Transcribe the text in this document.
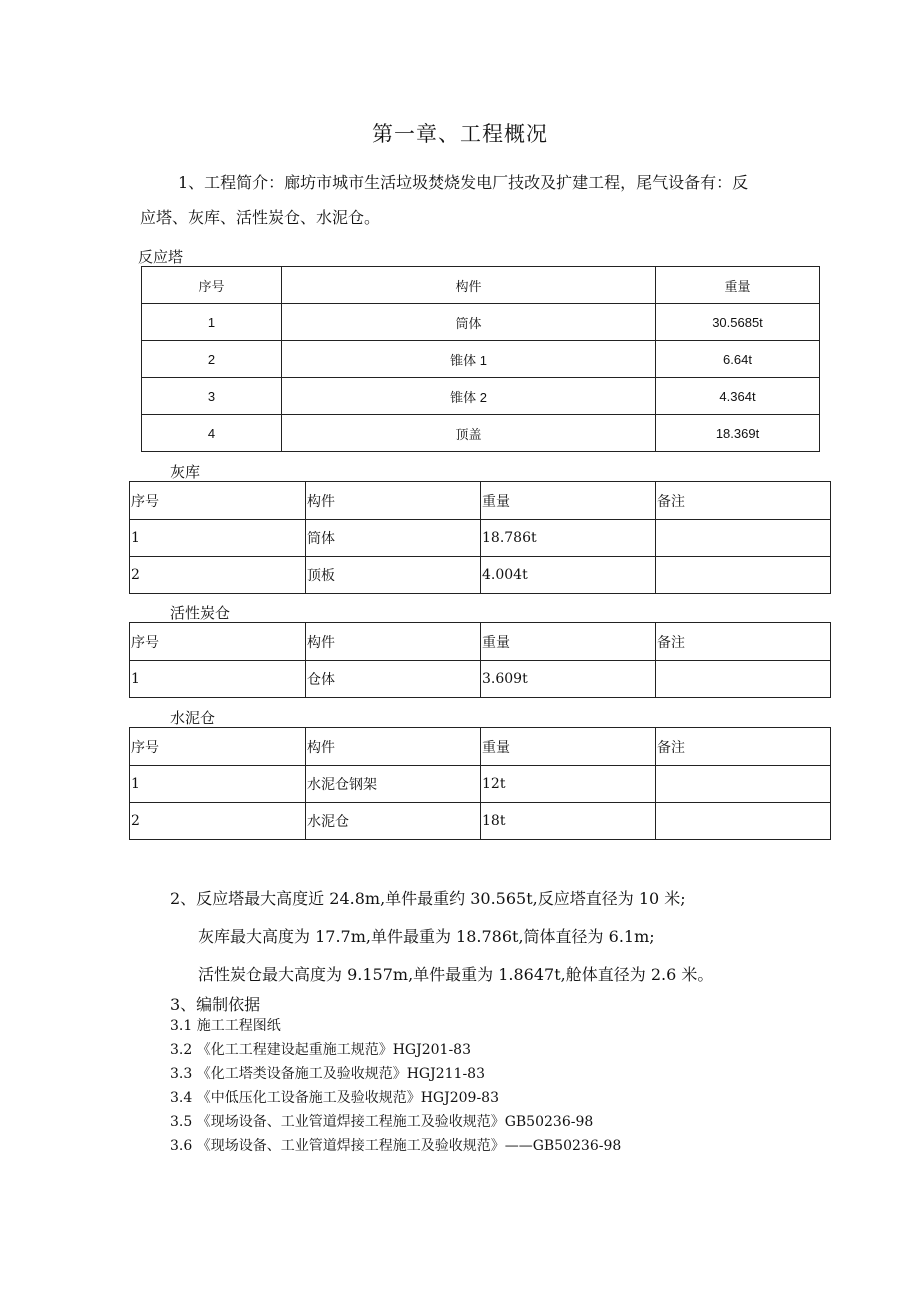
第一章、工程概况
1、工程简介：廊坊市城市生活垃圾焚烧发电厂技改及扩建工程，尾气设备有：反
应塔、灰库、活性炭仓、水泥仓。
反应塔
序号	构件	重量	
1	筒体	30.5685t	
2	锥体 1	6.64t	
3	锥体 2	4.364t	
4	顶盖	18.369t	
灰库
序号	构件	重量	备注
1	筒体	18.786t	
2	顶板	4.004t	
活性炭仓
序号	构件	重量	备注
1	仓体	3.609t	
水泥仓
序号	构件	重量	备注
1	水泥仓钢架	12t	
2	水泥仓	18t	
2、反应塔最大高度近 24.8m,单件最重约 30.565t,反应塔直径为 10 米;
灰库最大高度为 17.7m,单件最重为 18.786t,筒体直径为 6.1m;
活性炭仓最大高度为 9.157m,单件最重为 1.8647t,舱体直径为 2.6 米。
3、编制依据
3.1 施工工程图纸
3.2 《化工工程建设起重施工规范》HGJ201-83
3.3 《化工塔类设备施工及验收规范》HGJ211-83
3.4 《中低压化工设备施工及验收规范》HGJ209-83
3.5 《现场设备、工业管道焊接工程施工及验收规范》GB50236-98
3.6 《现场设备、工业管道焊接工程施工及验收规范》——GB50236-98
